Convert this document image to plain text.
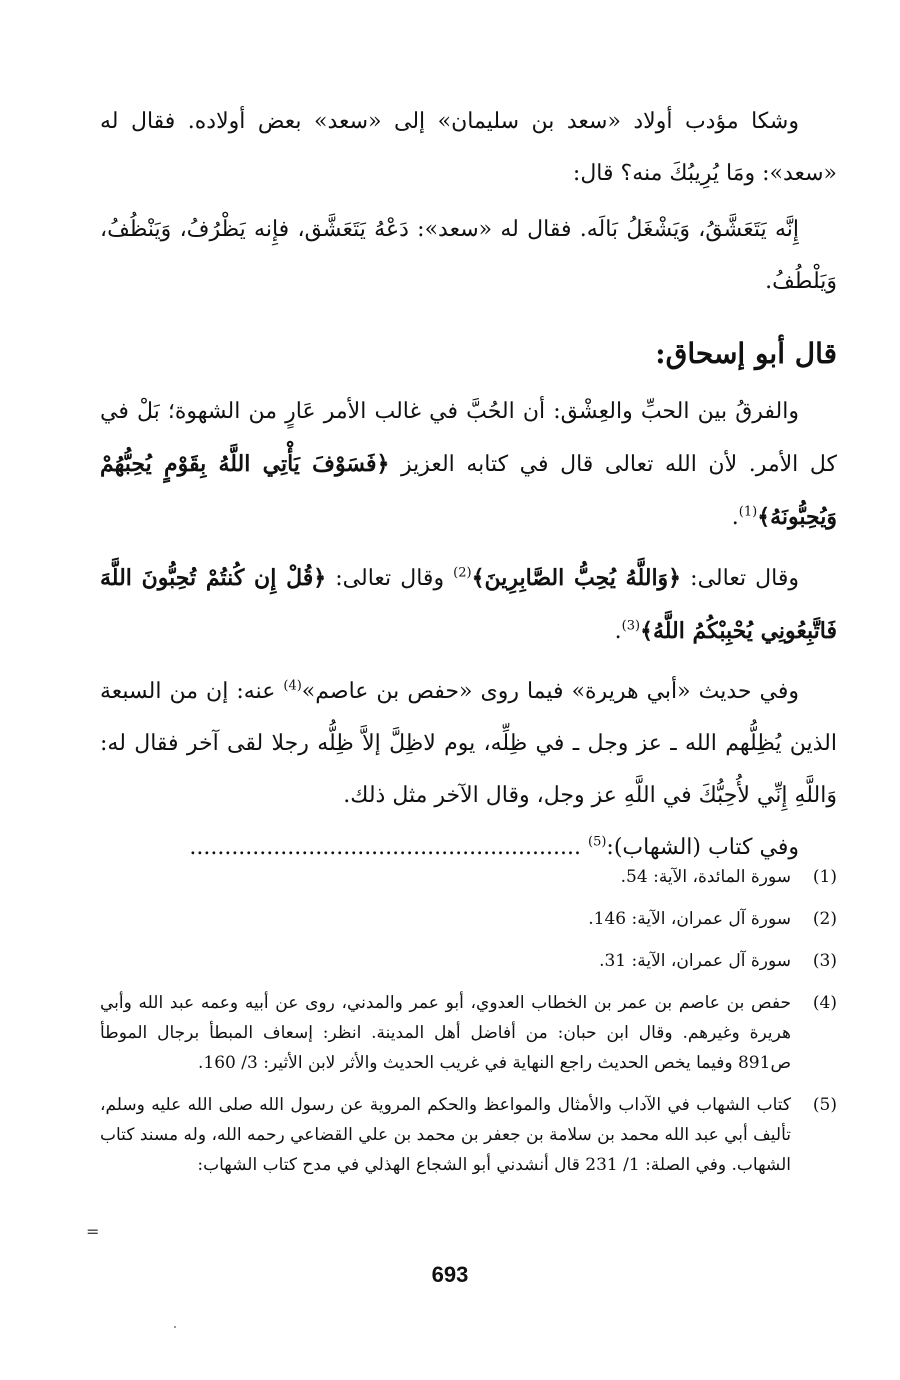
وشكا مؤدب أولاد «سعد بن سليمان» إلى «سعد» بعض أولاده. فقال له «سعد»: ومَا يُرِيبُكَ منه؟ قال:

إِنَّه يَتَعَشَّقُ، وَيَشْغَلُ بَالَه. فقال له «سعد»: دَعْهُ يَتَعَشَّق، فإِنه يَظْرُفُ، وَيَنْظُفُ، وَيَلْطُفُ.

قال أبو إسحاق:

والفرقُ بين الحبِّ والعِشْق: أن الحُبَّ في غالب الأمر عَارٍ من الشهوة؛ بَلْ في كل الأمر. لأن الله تعالى قال في كتابه العزيز ﴿فَسَوْفَ يَأْتِي اللَّهُ بِقَوْمٍ يُحِبُّهُمْ وَيُحِبُّونَهُ﴾$^{(1)}$.

وقال تعالى: ﴿وَاللَّهُ يُحِبُّ الصَّابِرِينَ﴾$^{(2)}$ وقال تعالى: ﴿قُلْ إِن كُنتُمْ تُحِبُّونَ اللَّهَ فَاتَّبِعُونِي يُحْبِبْكُمُ اللَّهُ﴾$^{(3)}$.

وفي حديث «أبي هريرة» فيما روى «حفص بن عاصم»$^{(4)}$ عنه: إن من السبعة الذين يُظِلُّهم الله ـ عز وجل ـ في ظِلِّه، يوم لاظِلَّ إلاَّ ظِلُّه رجلا لقى آخر فقال له: وَاللَّهِ إِنِّي لأُحِبُّكَ في اللَّهِ عز وجل، وقال الآخر مثل ذلك.

وفي كتاب (الشهاب):$^{(5)}$ ........................................................

(1)
سورة المائدة، الآية: 54.
(2)
سورة آل عمران، الآية: 146.
(3)
سورة آل عمران، الآية: 31.
(4)
حفص بن عاصم بن عمر بن الخطاب العدوي، أبو عمر والمدني، روى عن أبيه وعمه عبد الله وأبي هريرة وغيرهم. وقال ابن حبان: من أفاضل أهل المدينة. انظر: إسعاف المبطأ برجال الموطأ ص891 وفيما يخص الحديث راجع النهاية في غريب الحديث والأثر لابن الأثير: 3/ 160.
(5)
كتاب الشهاب في الآداب والأمثال والمواعظ والحكم المروية عن رسول الله صلى الله عليه وسلم، تأليف أبي عبد الله محمد بن سلامة بن جعفر بن محمد بن علي القضاعي رحمه الله، وله مسند كتاب الشهاب. وفي الصلة: 1/ 231 قال أنشدني أبو الشجاع الهذلي في مدح كتاب الشهاب:
=
693
